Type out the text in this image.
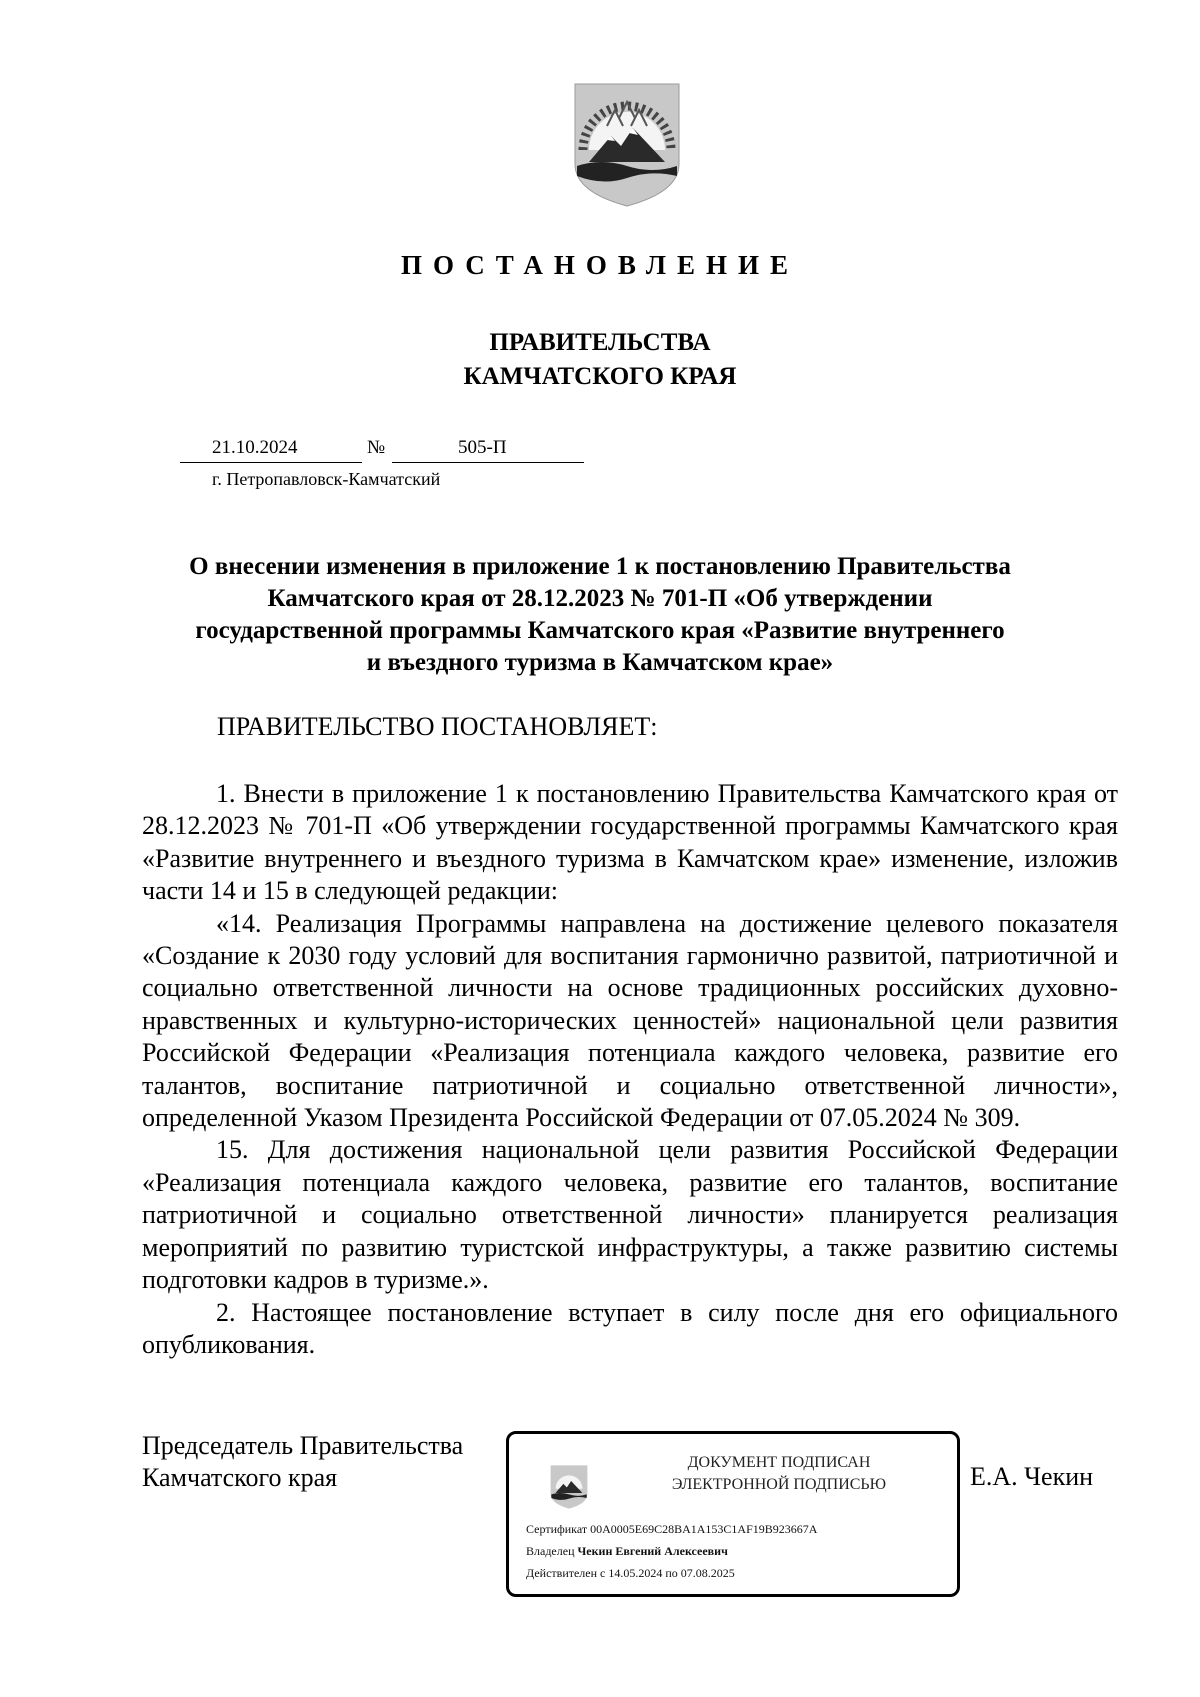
ПОСТАНОВЛЕНИЕ
ПРАВИТЕЛЬСТВА
КАМЧАТСКОГО КРАЯ
21.10.2024	№	505-П
г. Петропавловск-Камчатский
О внесении изменения в приложение 1 к постановлению Правительства
Камчатского края от 28.12.2023 № 701-П «Об утверждении
государственной программы Камчатского края «Развитие внутреннего
и въездного туризма в Камчатском крае»
ПРАВИТЕЛЬСТВО ПОСТАНОВЛЯЕТ:

1. Внести в приложение 1 к постановлению Правительства Камчатского края от 28.12.2023 № 701-П «Об утверждении государственной программы Камчатского края «Развитие внутреннего и въездного туризма в Камчатском крае» изменение, изложив части 14 и 15 в следующей редакции:

«14. Реализация Программы направлена на достижение целевого показателя «Создание к 2030 году условий для воспитания гармонично развитой, патриотичной и социально ответственной личности на основе традиционных российских духовно-нравственных и культурно-исторических ценностей» национальной цели развития Российской Федерации «Реализация потенциала каждого человека, развитие его талантов, воспитание патриотичной и социально ответственной личности», определенной Указом Президента Российской Федерации от 07.05.2024 № 309.

15. Для достижения национальной цели развития Российской Федерации «Реализация потенциала каждого человека, развитие его талантов, воспитание патриотичной и социально ответственной личности» планируется реализация мероприятий по развитию туристской инфраструктуры, а также развитию системы подготовки кадров в туризме.».

2. Настоящее постановление вступает в силу после дня его официального опубликования.

Председатель Правительства
Камчатского края
ДОКУМЕНТ ПОДПИСАН
ЭЛЕКТРОННОЙ ПОДПИСЬЮ
Сертификат 00A0005E69C28BA1A153C1AF19B923667A
Владелец Чекин Евгений Алексеевич
Действителен с 14.05.2024 по 07.08.2025
Е.А. Чекин
